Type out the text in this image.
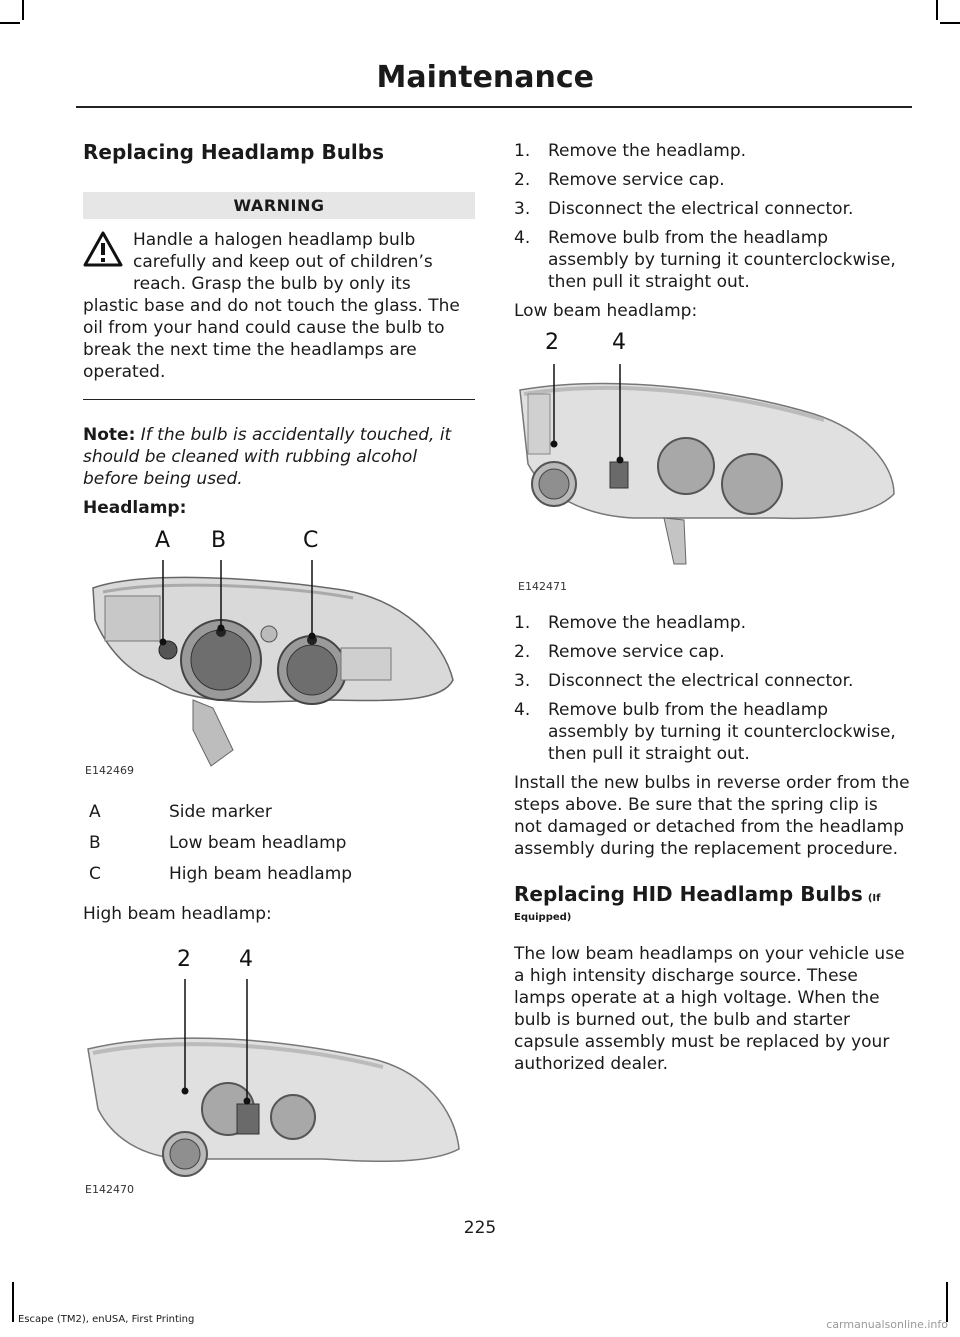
Maintenance
Replacing Headlamp Bulbs
WARNING
Handle a halogen headlamp bulb carefully and keep out of children’s reach. Grasp the bulb by only its
plastic base and do not touch the glass. The oil from your hand could cause the bulb to break the next time the headlamps are operated.
Note: If the bulb is accidentally touched, it should be cleaned with rubbing alcohol before being used.
Headlamp:
A B	C
E142469
A	Side marker
B	Low beam headlamp
C	High beam headlamp

High beam headlamp:

2 4
E142470
1. Remove the headlamp.
2. Remove service cap.
3. Disconnect the electrical connector.
4. Remove bulb from the headlamp assembly by turning it counterclockwise, then pull it straight out.

Low beam headlamp:

2 4
E142471
1. Remove the headlamp.
2. Remove service cap.
3. Disconnect the electrical connector.
4. Remove bulb from the headlamp assembly by turning it counterclockwise, then pull it straight out.

Install the new bulbs in reverse order from the steps above. Be sure that the spring clip is not damaged or detached from the headlamp assembly during the replacement procedure.

Replacing HID Headlamp Bulbs (If
Equipped)

The low beam headlamps on your vehicle use a high intensity discharge source. These lamps operate at a high voltage. When the bulb is burned out, the bulb and starter capsule assembly must be replaced by your authorized dealer.

225
Escape (TM2), enUSA, First Printing	carmanualsonline.info
